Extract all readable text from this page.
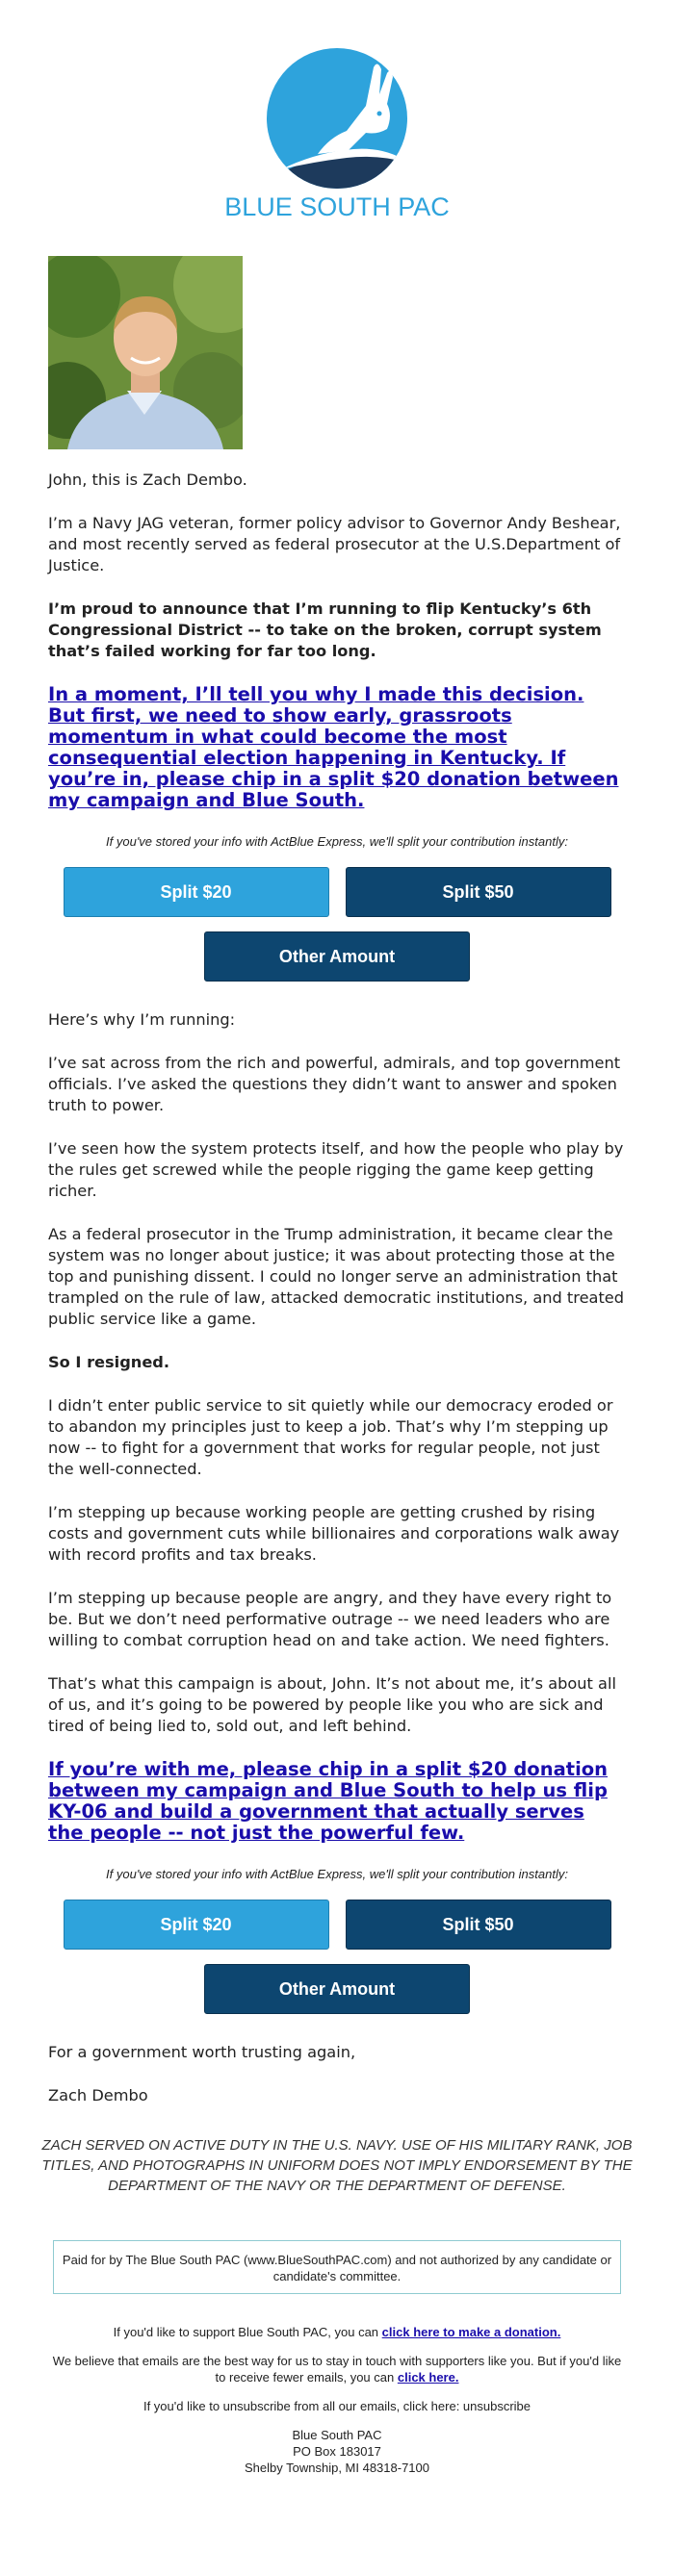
BLUE SOUTH PAC

John, this is Zach Dembo.

I’m a Navy JAG veteran, former policy advisor to Governor Andy Beshear, and most recently served as federal prosecutor at the U.S.Department of Justice.

I’m proud to announce that I’m running to flip Kentucky’s 6th Congressional District -- to take on the broken, corrupt system that’s failed working for far too long.

In a moment, I’ll tell you why I made this decision. But first, we need to show early, grassroots momentum in what could become the most consequential election happening in Kentucky. If you’re in, please chip in a split $20 donation between my campaign and Blue South.
If you've stored your info with ActBlue Express, we'll split your contribution instantly:
Split $20	Split $50
Other Amount

Here’s why I’m running:

I’ve sat across from the rich and powerful, admirals, and top government officials. I’ve asked the questions they didn’t want to answer and spoken truth to power.

I’ve seen how the system protects itself, and how the people who play by the rules get screwed while the people rigging the game keep getting richer.

As a federal prosecutor in the Trump administration, it became clear the system was no longer about justice; it was about protecting those at the top and punishing dissent. I could no longer serve an administration that trampled on the rule of law, attacked democratic institutions, and treated public service like a game.

So I resigned.

I didn’t enter public service to sit quietly while our democracy eroded or to abandon my principles just to keep a job. That’s why I’m stepping up now -- to fight for a government that works for regular people, not just the well-connected.

I’m stepping up because working people are getting crushed by rising costs and government cuts while billionaires and corporations walk away with record profits and tax breaks.

I’m stepping up because people are angry, and they have every right to be. But we don’t need performative outrage -- we need leaders who are willing to combat corruption head on and take action. We need fighters.

That’s what this campaign is about, John. It’s not about me, it’s about all of us, and it’s going to be powered by people like you who are sick and tired of being lied to, sold out, and left behind.

If you’re with me, please chip in a split $20 donation between my campaign and Blue South to help us flip KY-06 and build a government that actually serves the people -- not just the powerful few.
If you've stored your info with ActBlue Express, we'll split your contribution instantly:
Split $20	Split $50
Other Amount

For a government worth trusting again,

Zach Dembo

ZACH SERVED ON ACTIVE DUTY IN THE U.S. NAVY. USE OF HIS MILITARY RANK, JOB TITLES, AND PHOTOGRAPHS IN UNIFORM DOES NOT IMPLY ENDORSEMENT BY THE DEPARTMENT OF THE NAVY OR THE DEPARTMENT OF DEFENSE.
Paid for by The Blue South PAC (www.BlueSouthPAC.com) and not authorized by any candidate or candidate's committee.

If you'd like to support Blue South PAC, you can click here to make a donation.

We believe that emails are the best way for us to stay in touch with supporters like you. But if you'd like to receive fewer emails, you can click here.

If you'd like to unsubscribe from all our emails, click here: unsubscribe

Blue South PAC
PO Box 183017
Shelby Township, MI 48318-7100
